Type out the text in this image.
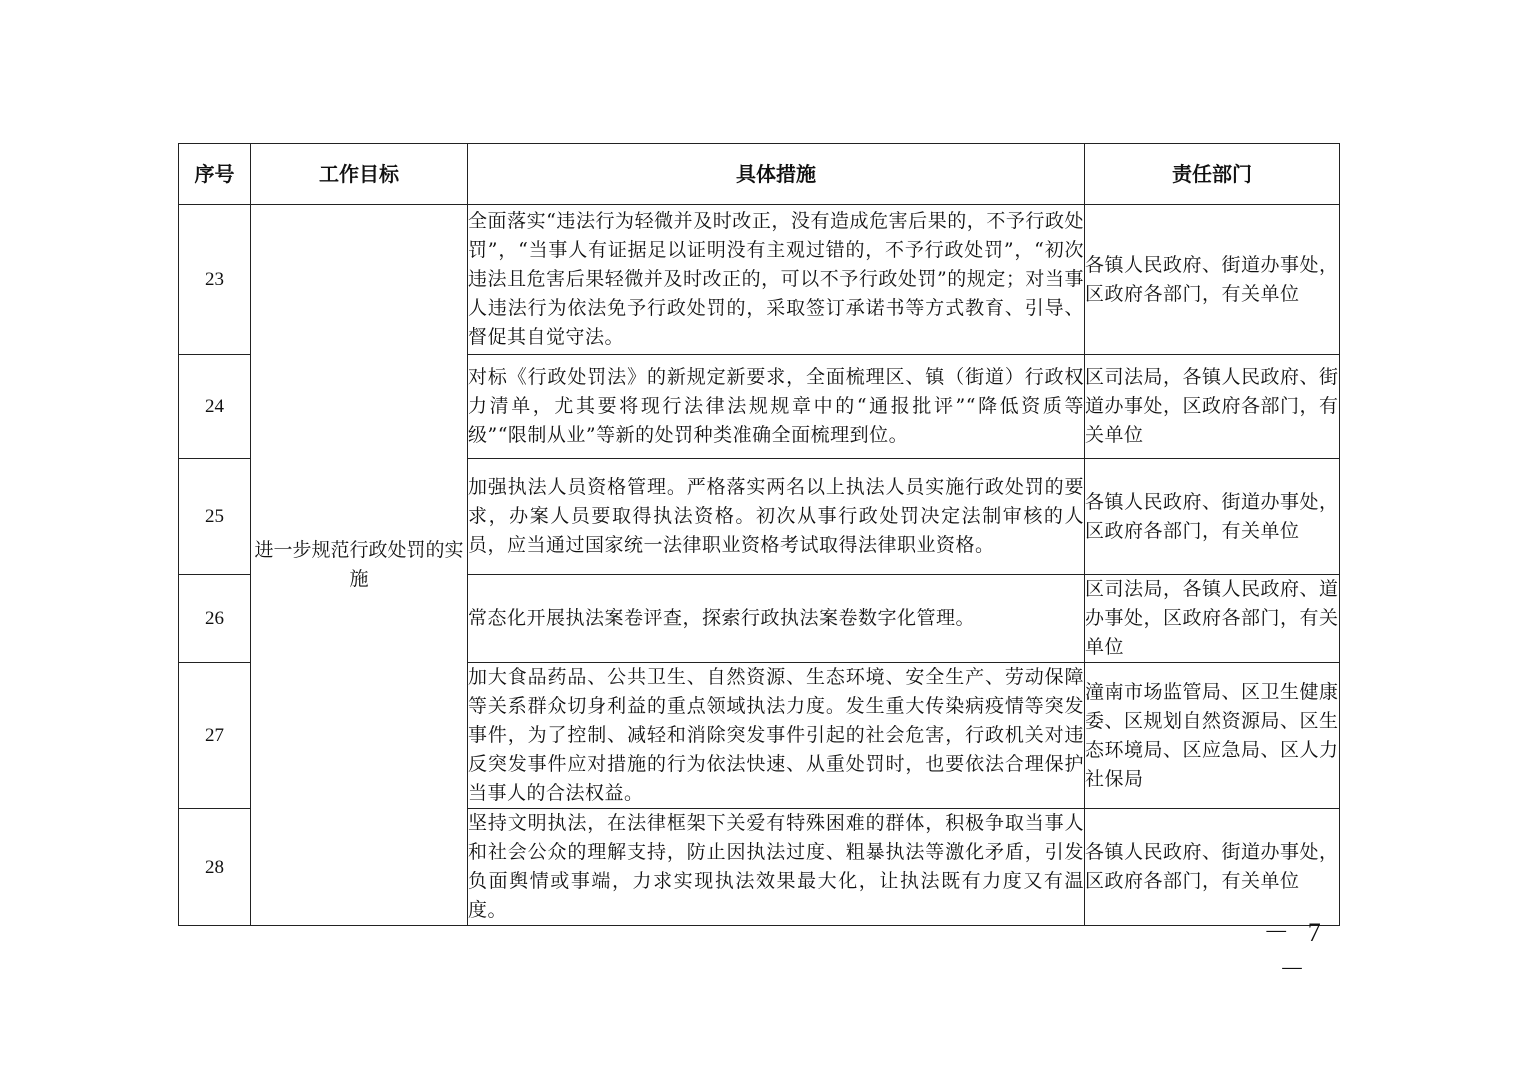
序号	工作目标	具体措施	责任部门
23	进一步规范行政处罚的实施	全面落实“违法行为轻微并及时改正，没有造成危害后果的，不予行政处罚”，“当事人有证据足以证明没有主观过错的，不予行政处罚”，“初次违法且危害后果轻微并及时改正的，可以不予行政处罚”的规定；对当事人违法行为依法免予行政处罚的，采取签订承诺书等方式教育、引导、督促其自觉守法。	各镇人民政府、街道办事处，区政府各部门，有关单位
24		对标《行政处罚法》的新规定新要求，全面梳理区、镇（街道）行政权力清单，尤其要将现行法律法规规章中的“通报批评”“降低资质等级”“限制从业”等新的处罚种类准确全面梳理到位。	区司法局，各镇人民政府、街道办事处，区政府各部门，有关单位
25		加强执法人员资格管理。严格落实两名以上执法人员实施行政处罚的要求，办案人员要取得执法资格。初次从事行政处罚决定法制审核的人员，应当通过国家统一法律职业资格考试取得法律职业资格。	各镇人民政府、街道办事处，区政府各部门，有关单位
26		常态化开展执法案卷评查，探索行政执法案卷数字化管理。	区司法局，各镇人民政府、道办事处，区政府各部门，有关单位
27		加大食品药品、公共卫生、自然资源、生态环境、安全生产、劳动保障等关系群众切身利益的重点领域执法力度。发生重大传染病疫情等突发事件，为了控制、减轻和消除突发事件引起的社会危害，行政机关对违反突发事件应对措施的行为依法快速、从重处罚时，也要依法合理保护当事人的合法权益。	潼南市场监管局、区卫生健康委、区规划自然资源局、区生态环境局、区应急局、区人力社保局
28		坚持文明执法，在法律框架下关爱有特殊困难的群体，积极争取当事人和社会公众的理解支持，防止因执法过度、粗暴执法等激化矛盾，引发负面舆情或事端，力求实现执法效果最大化，让执法既有力度又有温度。	各镇人民政府、街道办事处，区政府各部门，有关单位
－ 7 －
